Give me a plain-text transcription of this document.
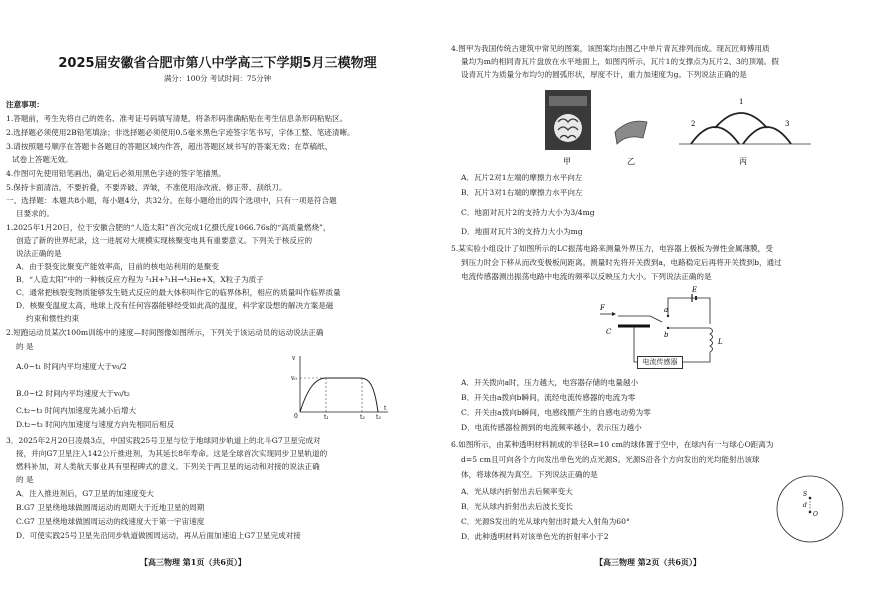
2025届安徽省合肥市第八中学高三下学期5月三模物理
满分：100分 考试时间：75分钟
注意事项：
1.答题前，考生先将自己的姓名、准考证号码填写清楚，将条形码准确粘贴在考生信息条形码粘贴区。
2.选择题必须使用2B铅笔填涂；非选择题必须使用0.5毫米黑色字迹签字笔书写，字体工整、笔迹清晰。
3.请按照题号顺序在答题卡各题目的答题区域内作答，超出答题区域书写的答案无效；在草稿纸、
试卷上答题无效。
4.作图可先使用铅笔画出，确定后必须用黑色字迹的签字笔描黑。
5.保持卡面清洁，不要折叠，不要弄破、弄皱，不准使用涂改液、修正带、刮纸刀。
一、选择题：本题共8小题，每小题4分，共32分。在每小题给出的四个选项中，只有一项是符合题
目要求的。
1.2025年1月20日，位于安徽合肥的“人造太阳”首次完成1亿摄氏度1066.76s的“高质量燃烧”，
创造了新的世界纪录，这一进展对大规模实现核聚变电具有重要意义。下列关于核反应的
说法正确的是
A．由于裂变比聚变产能效率高，目前的核电站利用的是聚变
B．“人造太阳”中的一种核反应方程为 ²₁H+³₁H→⁴₂He+X，X粒子为质子
C．通常把核裂变物质能够发生链式反应的最大体积叫作它的临界体积，相应的质量叫作临界质量
D．核聚变温度太高，地球上没有任何容器能够经受如此高的温度，科学家设想的解决方案是磁
约束和惯性约束
2.短跑运动员某次100m训练中的速度—时间图像如图所示，下列关于该运动员的运动说法正确
的 是
A.0~t₁ 时间内平均速度大于v₀/2
B.0~t2 时间内平均速度大于v₀/t₂
C.t₂~t₃ 时间内加速度先减小后增大
D.t₂~t₃ 时间内加速度与速度方向先相同后相反
v
v₀
0	t₁	t₂ t₃
t
3．2025年2月20日凌晨3点，中国实践25号卫星与位于地球同步轨道上的北斗G7卫星完成对
接，并向G7卫星注入142公斤推进剂，为其延长8年寿命。这是全球首次实现同步卫星轨道的
燃料补加，对人类航天事业具有里程碑式的意义。下列关于两卫星的运动和对接的说法正确
的 是
A．注入推进剂后，G7卫星的加速度变大
B.G7 卫星绕地球做圆周运动的周期大于近地卫星的周期
C.G7 卫星绕地球做圆周运动的线速度大于第一宇宙速度
D．可使实践25号卫星先沿同步轨道做圆周运动，再从后面加速追上G7卫星完成对接
【高三物理 第1页（共6页）】
4.图甲为我国传统古建筑中常见的图案，该图案均由图乙中单片青瓦排列而成。现瓦匠师傅用质
量均为m的相同青瓦片盘放在水平地面上，如图丙所示，瓦片1的支撑点为瓦片2、3的顶端。假
设青瓦片为质量分布均匀的圆弧形状，厚度不计，重力加速度为g。下列说法正确的是
甲	乙
1
2	3
丙
A．瓦片2对1左端的摩擦力水平向左
B．瓦片3对1右端的摩擦力水平向左
C．地面对瓦片2的支持力大小为3/4mg
D．地面对瓦片3的支持力大小为mg
5.某实验小组设计了如图所示的LC振荡电路来测量外界压力，电容器上极板为弹性金属薄膜，受
到压力时会下移从而改变极板间距离。测量时先将开关拨到a，电路稳定后再将开关拨到b，通过
电流传感器测出振荡电路中电流的频率以反映压力大小。下列说法正确的是
F
C
a
b
E
L
电流传感器
A．开关拨向a时，压力越大，电容器存储的电量越小
B．开关由a拨向b瞬间，流经电流传感器的电流为零
C．开关由a拨向b瞬间，电感线圈产生的自感电动势为零
D．电流传感器检测到的电流频率越小，表示压力越小
6.如图所示，由某种透明材料制成的半径R=10 cm的球体置于空中，在球内有一与球心O距离为
d=5 cm且可向各个方向发出单色光的点光源S。光源S沿各个方向发出的光均能射出该球
体，将球体视为真空。下列说法正确的是
A．光从球内折射出去后频率变大
B．光从球内折射出去后波长变长
C．光源S发出的光从球内射出时最大入射角为60°
D．此种透明材料对该单色光的折射率小于2
S
d
O
【高三物理 第2页（共6页）】
